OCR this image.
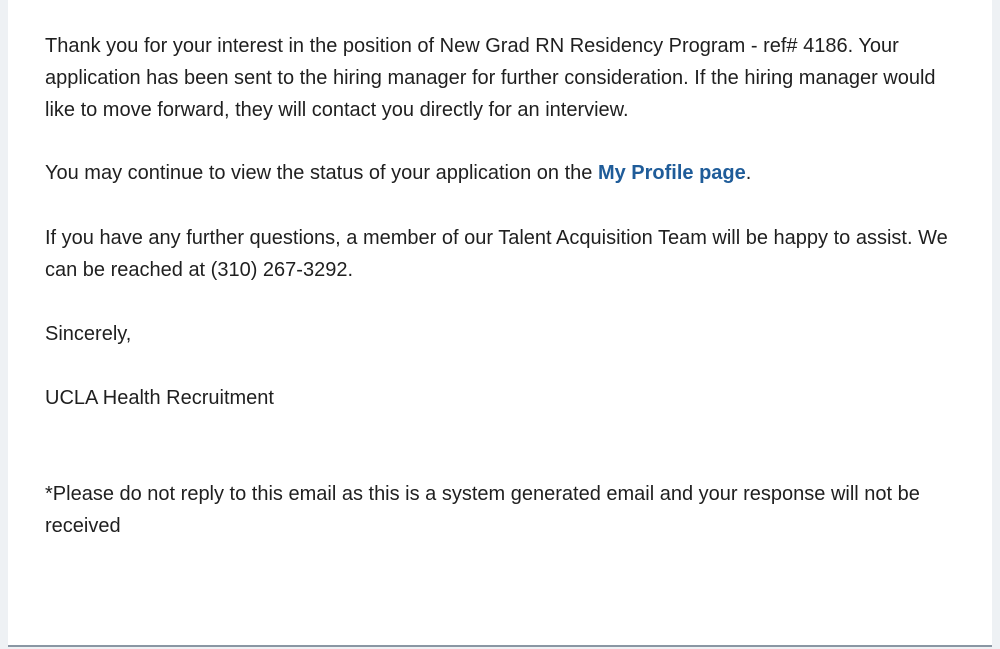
Thank you for your interest in the position of New Grad RN Residency Program - ref# 4186. Your application has been sent to the hiring manager for further consideration. If the hiring manager would like to move forward, they will contact you directly for an interview.

You may continue to view the status of your application on the My Profile page.

If you have any further questions, a member of our Talent Acquisition Team will be happy to assist. We can be reached at (310) 267-3292.

Sincerely,

UCLA Health Recruitment

*Please do not reply to this email as this is a system generated email and your response will not be received
